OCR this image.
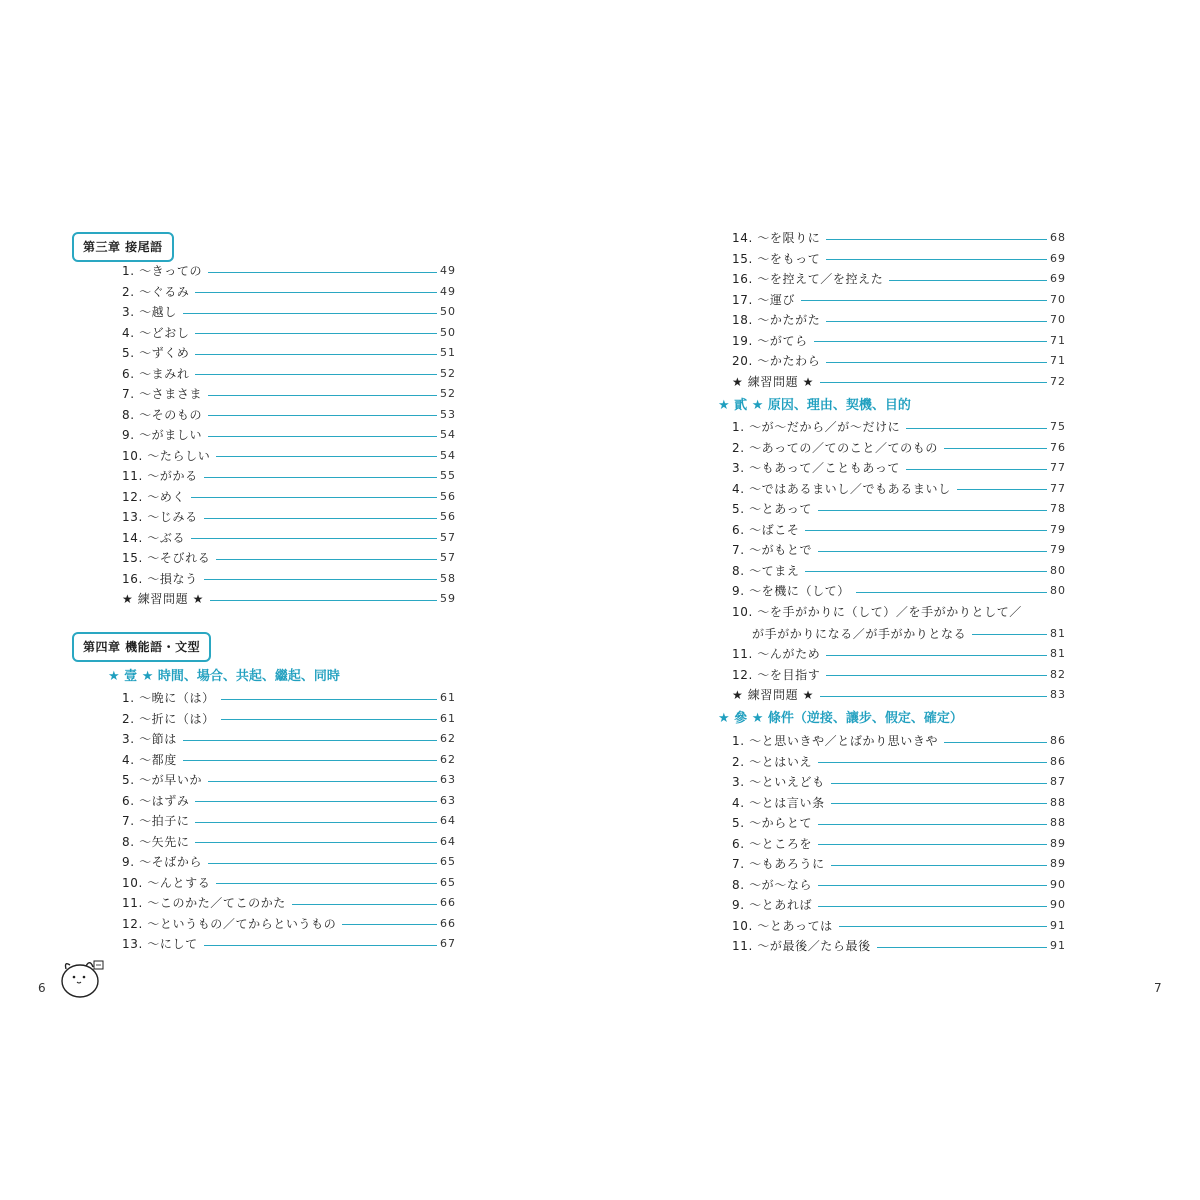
第三章 接尾語
1. ～きっての	49
2. ～ぐるみ	49
3. ～越し	50
4. ～どおし	50
5. ～ずくめ	51
6. ～まみれ	52
7. ～さまさま	52
8. ～そのもの	53
9. ～がましい	54
10. ～たらしい	54
11. ～がかる	55
12. ～めく	56
13. ～じみる	56
14. ～ぶる	57
15. ～そびれる	57
16. ～損なう	58
★ 練習問題 ★	59
第四章 機能語・文型
★ 壹 ★ 時間、場合、共起、繼起、同時
1. ～晩に（は）	61
2. ～折に（は）	61
3. ～節は	62
4. ～都度	62
5. ～が早いか	63
6. ～はずみ	63
7. ～拍子に	64
8. ～矢先に	64
9. ～そばから	65
10. ～んとする	65
11. ～このかた／てこのかた	66
12. ～というもの／てからというもの	66
13. ～にして	67
6
14. ～を限りに	68
15. ～をもって	69
16. ～を控えて／を控えた	69
17. ～運び	70
18. ～かたがた	70
19. ～がてら	71
20. ～かたわら	71
★ 練習問題 ★	72
★ 貳 ★ 原因、理由、契機、目的
1. ～が～だから／が～だけに	75
2. ～あっての／てのこと／てのもの	76
3. ～もあって／こともあって	77
4. ～ではあるまいし／でもあるまいし	77
5. ～とあって	78
6. ～ばこそ	79
7. ～がもとで	79
8. ～てまえ	80
9. ～を機に（して）	80
10. ～を手がかりに（して）／を手がかりとして／
が手がかりになる／が手がかりとなる	81
11. ～んがため	81
12. ～を目指す	82
★ 練習問題 ★	83
★ 參 ★ 條件（逆接、讓步、假定、確定）
1. ～と思いきや／とばかり思いきや	86
2. ～とはいえ	86
3. ～といえども	87
4. ～とは言い条	88
5. ～からとて	88
6. ～ところを	89
7. ～もあろうに	89
8. ～が～なら	90
9. ～とあれば	90
10. ～とあっては	91
11. ～が最後／たら最後	91
7
